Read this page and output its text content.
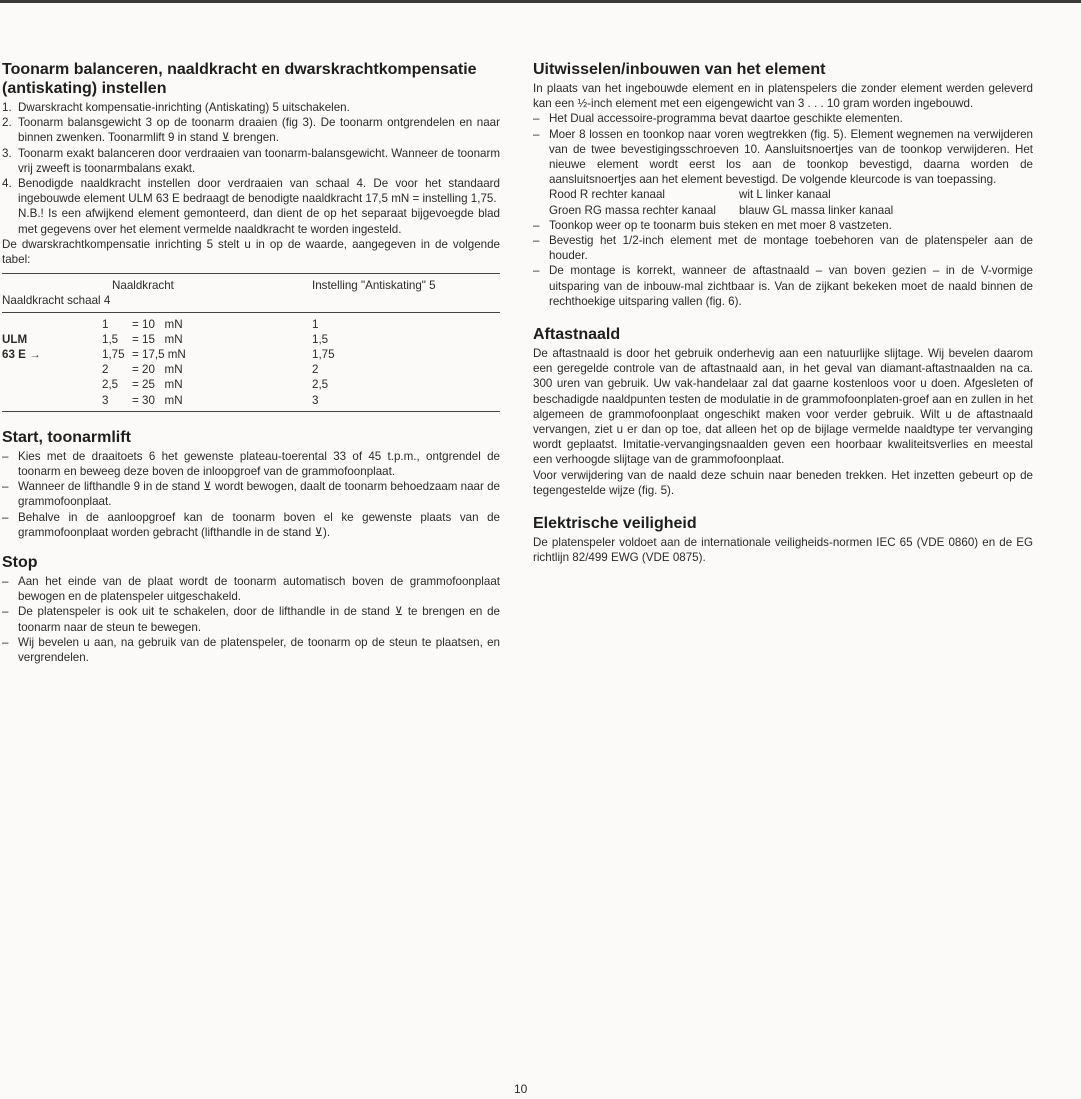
Toonarm balanceren, naaldkracht en dwarskrachtkompensatie (antiskating) instellen
1. Dwarskracht kompensatie-inrichting (Antiskating) 5 uitschakelen.
2. Toonarm balansgewicht 3 op de toonarm draaien (fig 3). De toonarm ontgrendelen en naar binnen zwenken. Toonarmlift 9 in stand ⊻ brengen.
3. Toonarm exakt balanceren door verdraaien van toonarm-balansgewicht. Wanneer de toonarm vrij zweeft is toonarmbalans exakt.
4. Benodigde naaldkracht instellen door verdraaien van schaal 4. De voor het standaard ingebouwde element ULM 63 E bedraagt de benodigte naaldkracht 17,5 mN = instelling 1,75.

N.B.! Is een afwijkend element gemonteerd, dan dient de op het separaat bijgevoegde blad met gegevens over het element vermelde naaldkracht te worden ingesteld.

De dwarskrachtkompensatie inrichting 5 stelt u in op de waarde, aangegeven in de volgende tabel:

	Naaldkracht	Instelling "Antiskating" 5
Naaldkracht schaal 4		
	1 = 10   mN	1
ULM	1,5 = 15   mN	1,5
63 E →	1,75 = 17,5 mN	1,75
	2 = 20   mN	2
	2,5 = 25   mN	2,5
	3 = 30   mN	3
Start, toonarmlift
– Kies met de draaitoets 6 het gewenste plateau-toerental 33 of 45 t.p.m., ontgrendel de toonarm en beweeg deze boven de inloopgroef van de grammofoonplaat.
– Wanneer de lifthandle 9 in de stand ⊻ wordt bewogen, daalt de toonarm behoedzaam naar de grammofoonplaat.
– Behalve in de aanloopgroef kan de toonarm boven el ke gewenste plaats van de grammofoonplaat worden gebracht (lifthandle in de stand ⊻).
Stop
– Aan het einde van de plaat wordt de toonarm automatisch boven de grammofoonplaat bewogen en de platenspeler uitgeschakeld.
– De platenspeler is ook uit te schakelen, door de lifthandle in de stand ⊻ te brengen en de toonarm naar de steun te bewegen.
– Wij bevelen u aan, na gebruik van de platenspeler, de toonarm op de steun te plaatsen, en vergrendelen.
Uitwisselen/inbouwen van het element

In plaats van het ingebouwde element en in platenspelers die zonder element werden geleverd kan een ½-inch element met een eigengewicht van 3 . . . 10 gram worden ingebouwd.

– Het Dual accessoire-programma bevat daartoe geschikte elementen.
– Moer 8 lossen en toonkop naar voren wegtrekken (fig. 5). Element wegnemen na verwijderen van de twee bevestigingsschroeven 10. Aansluitsnoertjes van de toonkop verwijderen. Het nieuwe element wordt eerst los aan de toonkop bevestigd, daarna worden de aansluitsnoertjes aan het element bevestigd. De volgende kleurcode is van toepassing.

Rood R rechter kanaal	wit L linker kanaal

Groen RG massa rechter kanaal blauw GL massa linker kanaal

– Toonkop weer op te toonarm buis steken en met moer 8 vastzeten.
– Bevestig het 1/2-inch element met de montage toebehoren van de platenspeler aan de houder.
– De montage is korrekt, wanneer de aftastnaald – van boven gezien – in de V-vormige uitsparing van de inbouw-mal zichtbaar is. Van de zijkant bekeken moet de naald binnen de rechthoekige uitsparing vallen (fig. 6).
Aftastnaald

De aftastnaald is door het gebruik onderhevig aan een natuurlijke slijtage. Wij bevelen daarom een geregelde controle van de aftastnaald aan, in het geval van diamant-aftastnaalden na ca. 300 uren van gebruik. Uw vak-handelaar zal dat gaarne kostenloos voor u doen. Afgesleten of beschadigde naaldpunten testen de modulatie in de grammofoonplaten-groef aan en zullen in het algemeen de grammofoonplaat ongeschikt maken voor verder gebruik. Wilt u de aftastnaald vervangen, ziet u er dan op toe, dat alleen het op de bijlage vermelde naaldtype ter vervanging wordt geplaatst. Imitatie-vervangingsnaalden geven een hoorbaar kwaliteitsverlies en meestal een verhoogde slijtage van de grammofoonplaat.

Voor verwijdering van de naald deze schuin naar beneden trekken. Het inzetten gebeurt op de tegengestelde wijze (fig. 5).

Elektrische veiligheid

De platenspeler voldoet aan de internationale veiligheids-normen IEC 65 (VDE 0860) en de EG richtlijn 82/499 EWG (VDE 0875).

10
